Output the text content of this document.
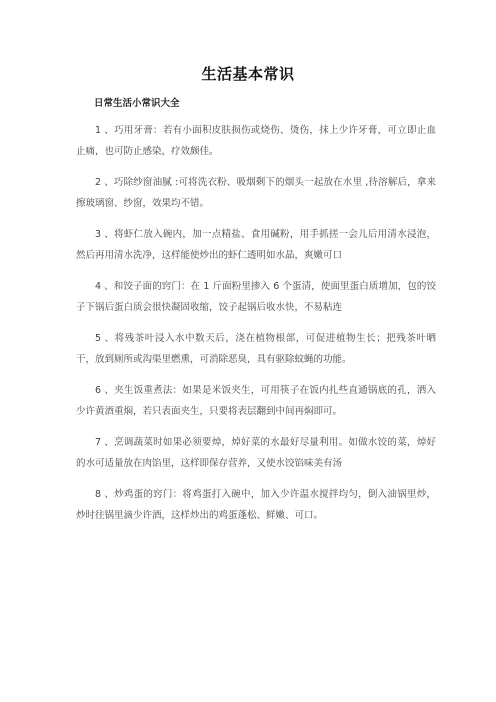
生活基本常识
日常生活小常识大全

1 、巧用牙膏：若有小面积皮肤损伤或烧伤、烫伤，抹上少许牙膏，可立即止血止痛，也可防止感染，疗效颇佳。

2 、巧除纱窗油腻 :可将洗衣粉、吸烟剩下的烟头一起放在水里 ,待溶解后，拿来擦玻璃窗、纱窗，效果均不错。

3 、将虾仁放入碗内，加一点精盐、食用碱粉，用手抓搓一会儿后用清水浸泡，然后再用清水洗净，这样能使炒出的虾仁透明如水晶，爽嫩可口

4 、和饺子面的窍门：在 1 斤面粉里掺入 6 个蛋清，使面里蛋白质增加，包的饺子下锅后蛋白质会很快凝固收缩，饺子起锅后收水快，不易粘连

5 、将残茶叶浸入水中数天后，浇在植物根部，可促进植物生长；把残茶叶晒干，放到厕所或沟渠里燃熏，可消除恶臭，具有驱除蚊蝇的功能。

6 、夹生饭重煮法：如果是米饭夹生，可用筷子在饭内扎些直通锅底的孔，洒入少许黄酒重焖，若只表面夹生，只要将表层翻到中间再焖即可。

7 、烹调蔬菜时如果必须要焯，焯好菜的水最好尽量利用。如做水饺的菜，焯好的水可适量放在肉馅里，这样即保存营养，又使水饺馅味美有汤

8 、炒鸡蛋的窍门：将鸡蛋打入碗中，加入少许温水搅拌均匀，倒入油锅里炒，炒时往锅里滴少许酒，这样炒出的鸡蛋蓬松、鲜嫩、可口。
